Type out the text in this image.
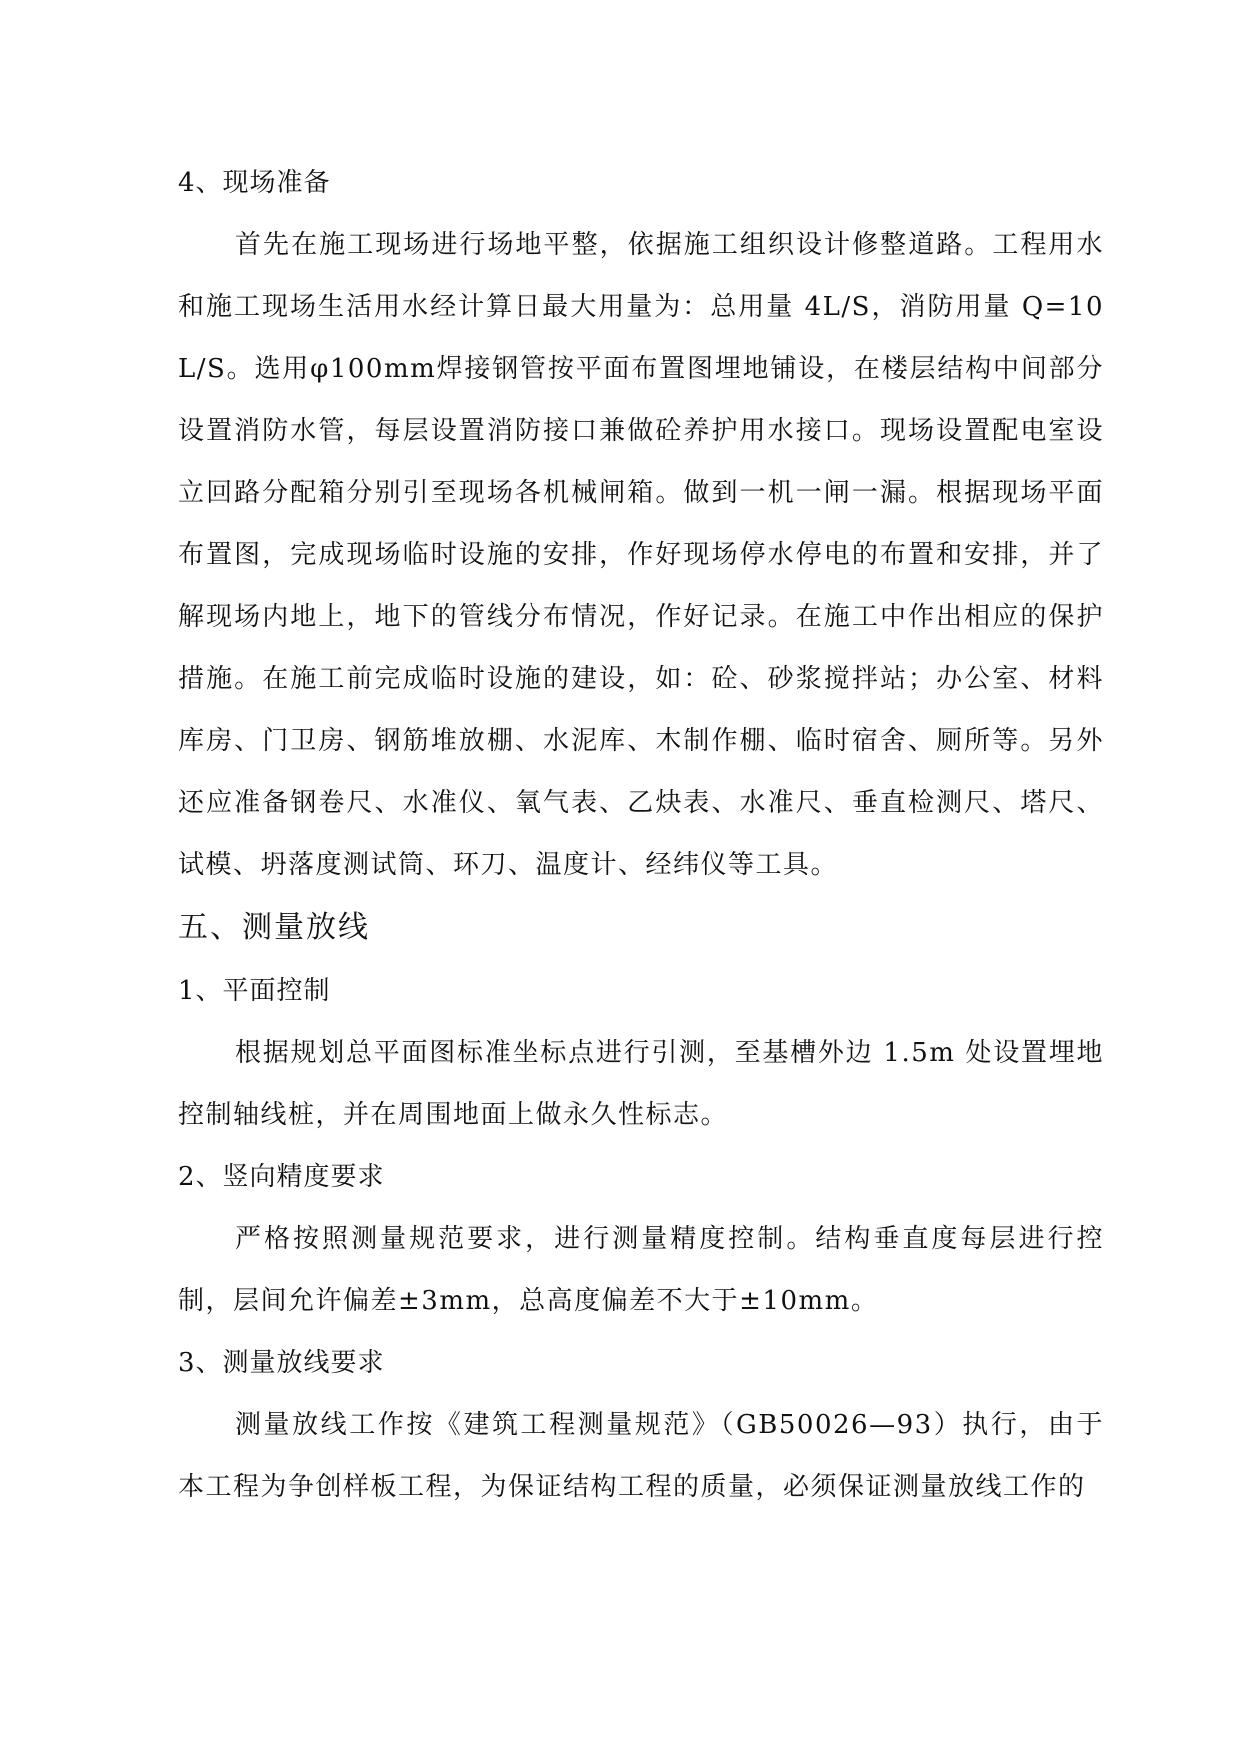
4、现场准备

首先在施工现场进行场地平整，依据施工组织设计修整道路。工程用水和施工现场生活用水经计算日最大用量为：总用量 4L/S，消防用量 Q=10L/S。选用φ100mm焊接钢管按平面布置图埋地铺设，在楼层结构中间部分设置消防水管，每层设置消防接口兼做砼养护用水接口。现场设置配电室设立回路分配箱分别引至现场各机械闸箱。做到一机一闸一漏。根据现场平面布置图，完成现场临时设施的安排，作好现场停水停电的布置和安排，并了解现场内地上，地下的管线分布情况，作好记录。在施工中作出相应的保护措施。在施工前完成临时设施的建设，如：砼、砂浆搅拌站；办公室、材料库房、门卫房、钢筋堆放棚、水泥库、木制作棚、临时宿舍、厕所等。另外还应准备钢卷尺、水准仪、氧气表、乙炔表、水准尺、垂直检测尺、塔尺、试模、坍落度测试筒、环刀、温度计、经纬仪等工具。

五、测量放线

1、平面控制

根据规划总平面图标准坐标点进行引测，至基槽外边 1.5m 处设置埋地控制轴线桩，并在周围地面上做永久性标志。

2、竖向精度要求

严格按照测量规范要求，进行测量精度控制。结构垂直度每层进行控制，层间允许偏差±3mm，总高度偏差不大于±10mm。

3、测量放线要求

测量放线工作按《建筑工程测量规范》（GB50026—93）执行，由于本工程为争创样板工程，为保证结构工程的质量，必须保证测量放线工作的
